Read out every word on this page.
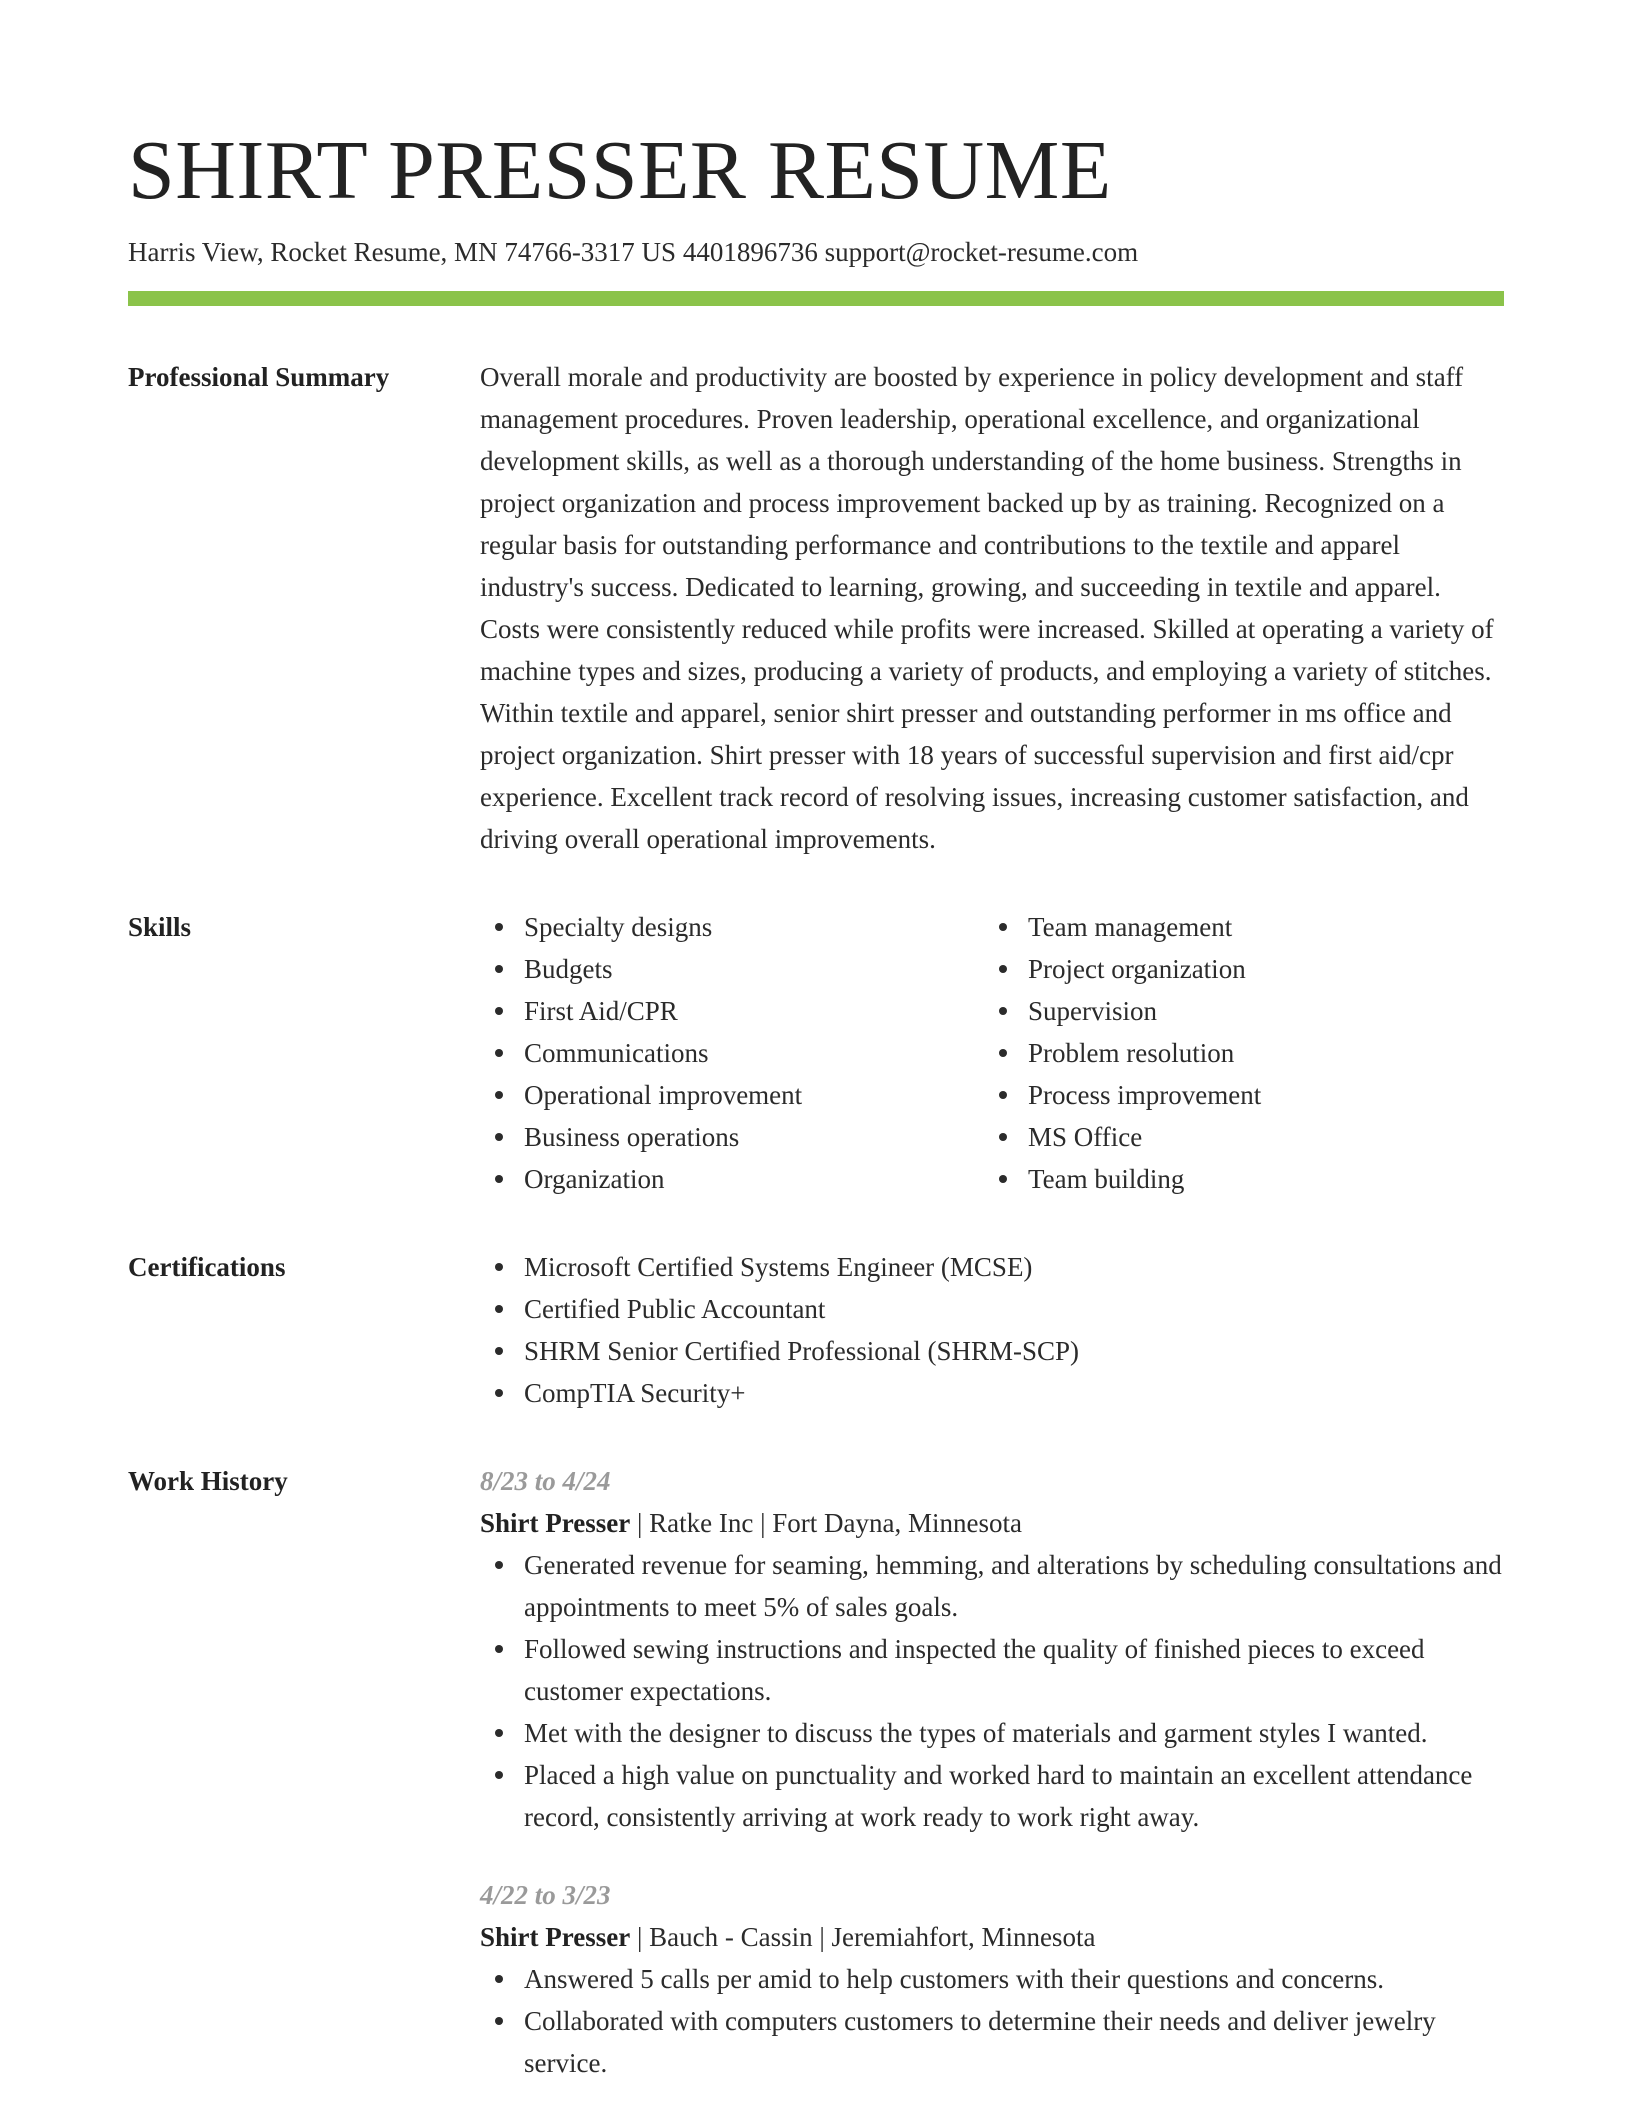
SHIRT PRESSER RESUME
Harris View, Rocket Resume, MN 74766-3317 US 4401896736 support@rocket-resume.com
Professional Summary	Overall morale and productivity are boosted by experience in policy development and staff management procedures. Proven leadership, operational excellence, and organizational development skills, as well as a thorough understanding of the home business. Strengths in project organization and process improvement backed up by as training. Recognized on a regular basis for outstanding performance and contributions to the textile and apparel industry's success. Dedicated to learning, growing, and succeeding in textile and apparel. Costs were consistently reduced while profits were increased. Skilled at operating a variety of machine types and sizes, producing a variety of products, and employing a variety of stitches. Within textile and apparel, senior shirt presser and outstanding performer in ms office and project organization. Shirt presser with 18 years of successful supervision and first aid/cpr experience. Excellent track record of resolving issues, increasing customer satisfaction, and driving overall operational improvements.

Skills	Specialty designs
Budgets
First Aid/CPR
Communications
Operational improvement
Business operations
Organization
Team management
Project organization
Supervision
Problem resolution
Process improvement
MS Office
Team building
Certifications	Microsoft Certified Systems Engineer (MCSE)
Certified Public Accountant
SHRM Senior Certified Professional (SHRM-SCP)
CompTIA Security+
Work History	8/23 to 4/24
Shirt Presser | Ratke Inc | Fort Dayna, Minnesota
Generated revenue for seaming, hemming, and alterations by scheduling consultations and appointments to meet 5% of sales goals.
Followed sewing instructions and inspected the quality of finished pieces to exceed customer expectations.
Met with the designer to discuss the types of materials and garment styles I wanted.
Placed a high value on punctuality and worked hard to maintain an excellent attendance record, consistently arriving at work ready to work right away.
4/22 to 3/23
Shirt Presser | Bauch - Cassin | Jeremiahfort, Minnesota
Answered 5 calls per amid to help customers with their questions and concerns.
Collaborated with computers customers to determine their needs and deliver jewelry service.
